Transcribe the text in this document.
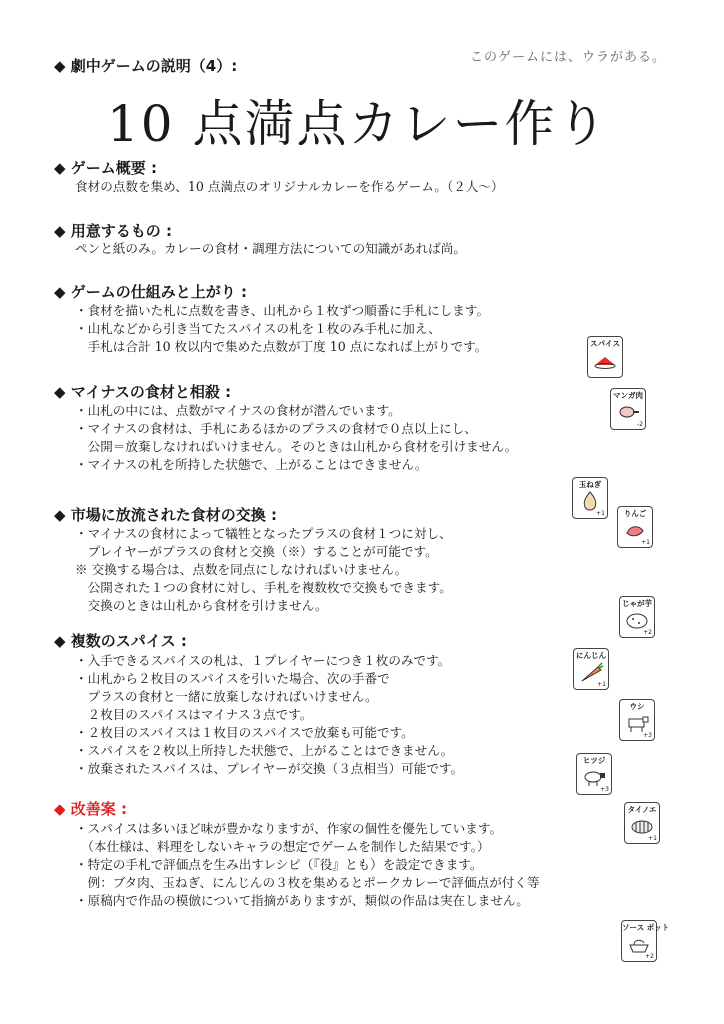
このゲームには、ウラがある。
◆ 劇中ゲームの説明（4）:
10 点満点カレー作り
◆ ゲーム概要 :
食材の点数を集め、10 点満点のオリジナルカレーを作るゲーム。（２人〜）
◆ 用意するもの :
ペンと紙のみ。カレーの食材・調理方法についての知識があれば尚。
◆ ゲームの仕組みと上がり :
・食材を描いた札に点数を書き、山札から１枚ずつ順番に手札にします。
・山札などから引き当てたスパイスの札を１枚のみ手札に加え、
　手札は合計 10 枚以内で集めた点数が丁度 10 点になれば上がりです。
◆ マイナスの食材と相殺 :
・山札の中には、点数がマイナスの食材が潜んでいます。
・マイナスの食材は、手札にあるほかのプラスの食材で０点以上にし、
　公開＝放棄しなければいけません。そのときは山札から食材を引けません。
・マイナスの札を所持した状態で、上がることはできません。
◆ 市場に放流された食材の交換 :
・マイナスの食材によって犠牲となったプラスの食材１つに対し、
　プレイヤーがプラスの食材と交換（※）することが可能です。
※ 交換する場合は、点数を同点にしなければいけません。
　公開された１つの食材に対し、手札を複数枚で交換もできます。
　交換のときは山札から食材を引けません。
◆ 複数のスパイス :
・入手できるスパイスの札は、１プレイヤーにつき１枚のみです。
・山札から２枚目のスパイスを引いた場合、次の手番で
　プラスの食材と一緒に放棄しなければいけません。
　２枚目のスパイスはマイナス３点です。
・２枚目のスパイスは１枚目のスパイスで放棄も可能です。
・スパイスを２枚以上所持した状態で、上がることはできません。
・放棄されたスパイスは、プレイヤーが交換（３点相当）可能です。
◆ 改善案 :
・スパイスは多いほど味が豊かなりますが、作家の個性を優先しています。
　（本仕様は、料理をしないキャラの想定でゲームを制作した結果です。）
・特定の手札で評価点を生み出すレシピ（『役』とも）を設定できます。
　例：ブタ肉、玉ねぎ、にんじんの３枚を集めるとポークカレーで評価点が付く等
・原稿内で作品の模倣について指摘がありますが、類似の作品は実在しません。
スパイス
マンガ肉
-2
玉ねぎ
+1	りんご
+1
じゃが芋
+2
にんじん
+1
ウシ
+3
ヒツジ
+3
タイノエ
+1
ソース ポット
+2
